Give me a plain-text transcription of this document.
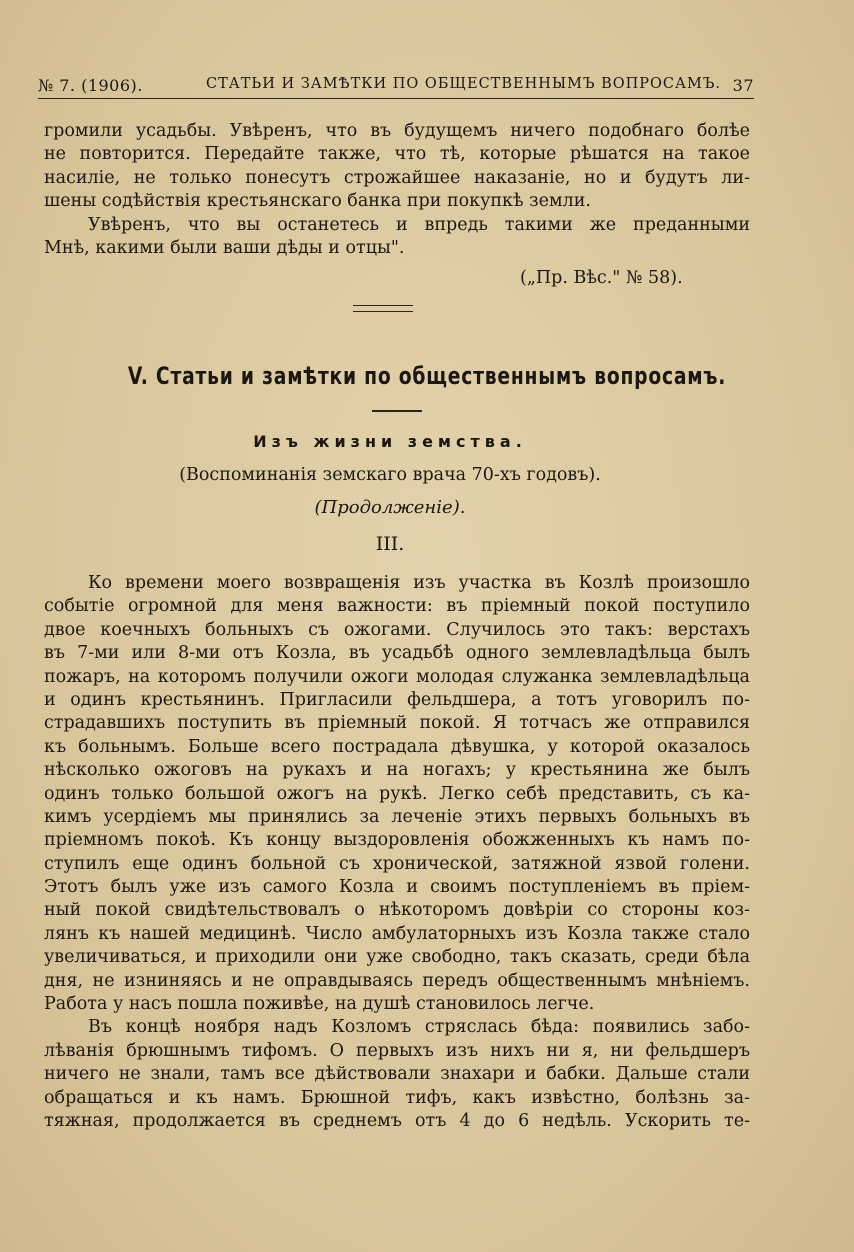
№ 7. (1906).	СТАТЬИ И ЗАМѢТКИ ПО ОБЩЕСТВЕННЫМЪ ВОПРОСАМЪ. 37
громили усадьбы. Увѣренъ, что въ будущемъ ничего подобнаго болѣе
не повторится. Передайте также, что тѣ, которые рѣшатся на такое
насиліе, не только понесутъ строжайшее наказаніе, но и будутъ ли-
шены содѣйствія крестьянскаго банка при покупкѣ земли.
Увѣренъ, что вы останетесь и впредь такими же преданными
Мнѣ, какими были ваши дѣды и отцы".
(„Пр. Вѣс." № 58).
V. Статьи и замѣтки по общественнымъ вопросамъ.
Изъ жизни земства.
(Воспоминанія земскаго врача 70-хъ годовъ).
(Продолженіе).
III.
Ко времени моего возвращенія изъ участка въ Козлѣ произошло
событіе огромной для меня важности: въ пріемный покой поступило
двое коечныхъ больныхъ съ ожогами. Случилось это такъ: верстахъ
въ 7-ми или 8-ми отъ Козла, въ усадьбѣ одного землевладѣльца былъ
пожаръ, на которомъ получили ожоги молодая служанка землевладѣльца
и одинъ крестьянинъ. Пригласили фельдшера, а тотъ уговорилъ по-
страдавшихъ поступить въ пріемный покой. Я тотчасъ же отправился
къ больнымъ. Больше всего пострадала дѣвушка, у которой оказалось
нѣсколько ожоговъ на рукахъ и на ногахъ; у крестьянина же былъ
одинъ только большой ожогъ на рукѣ. Легко себѣ представить, съ ка-
кимъ усердіемъ мы принялись за леченіе этихъ первыхъ больныхъ въ
пріемномъ покоѣ. Къ концу выздоровленія обожженныхъ къ намъ по-
ступилъ еще одинъ больной съ хронической, затяжной язвой голени.
Этотъ былъ уже изъ самого Козла и своимъ поступленіемъ въ пріем-
ный покой свидѣтельствовалъ о нѣкоторомъ довѣріи со стороны коз-
лянъ къ нашей медицинѣ. Число амбулаторныхъ изъ Козла также стало
увеличиваться, и приходили они уже свободно, такъ сказать, среди бѣла
дня, не изниняясь и не оправдываясь передъ общественнымъ мнѣніемъ.
Работа у насъ пошла поживѣе, на душѣ становилось легче.
Въ концѣ ноября надъ Козломъ стряслась бѣда: появились забо-
лѣванія брюшнымъ тифомъ. О первыхъ изъ нихъ ни я, ни фельдшеръ
ничего не знали, тамъ все дѣйствовали знахари и бабки. Дальше стали
обращаться и къ намъ. Брюшной тифъ, какъ извѣстно, болѣзнь за-
тяжная, продолжается въ среднемъ отъ 4 до 6 недѣль. Ускорить те-
